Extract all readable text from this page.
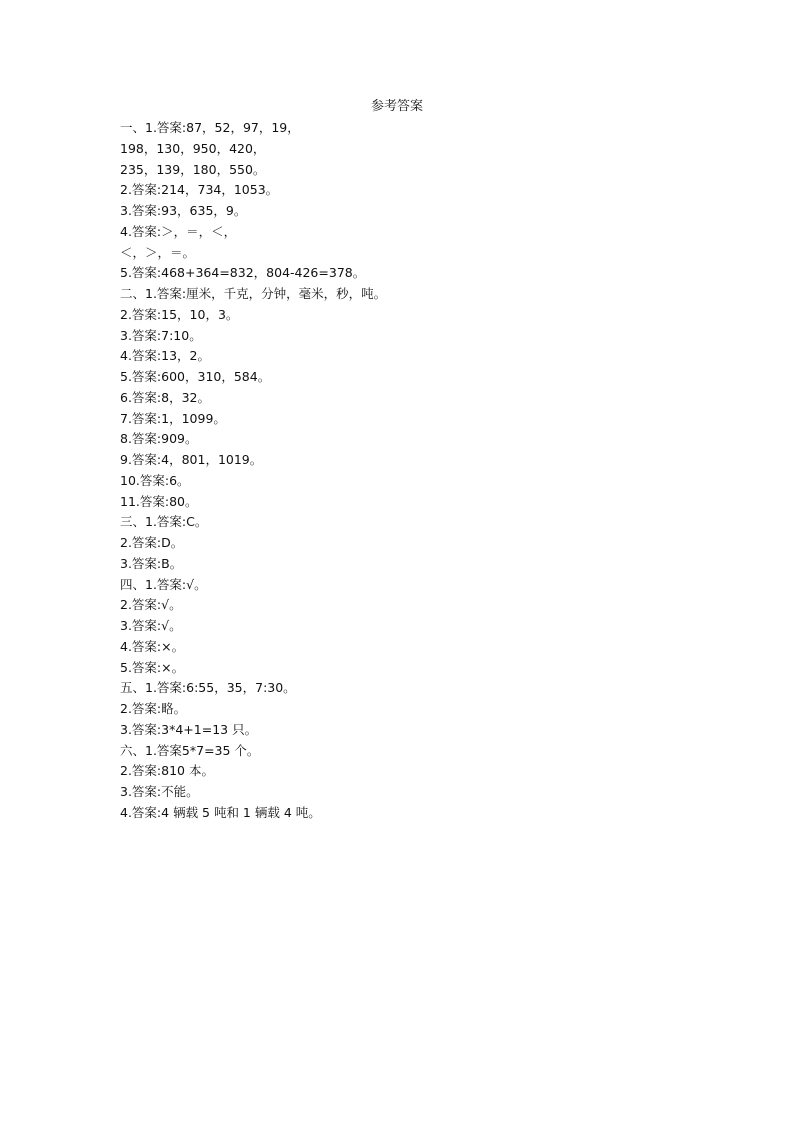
参考答案
一、1.答案:87，52，97，19，
198，130，950，420，
235，139，180，550。
2.答案:214，734，1053。
3.答案:93，635，9。
4.答案:＞，＝，＜，
＜，＞，＝。
5.答案:468+364=832，804-426=378。
二、1.答案:厘米，千克，分钟，毫米，秒，吨。
2.答案:15，10，3。
3.答案:7:10。
4.答案:13，2。
5.答案:600，310，584。
6.答案:8，32。
7.答案:1，1099。
8.答案:909。
9.答案:4，801，1019。
10.答案:6。
11.答案:80。
三、1.答案:C。
2.答案:D。
3.答案:B。
四、1.答案:√。
2.答案:√。
3.答案:√。
4.答案:×。
5.答案:×。
五、1.答案:6:55，35，7:30。
2.答案:略。
3.答案:3*4+1=13 只。
六、1.答案5*7=35 个。
2.答案:810 本。
3.答案:不能。
4.答案:4 辆载 5 吨和 1 辆载 4 吨。
